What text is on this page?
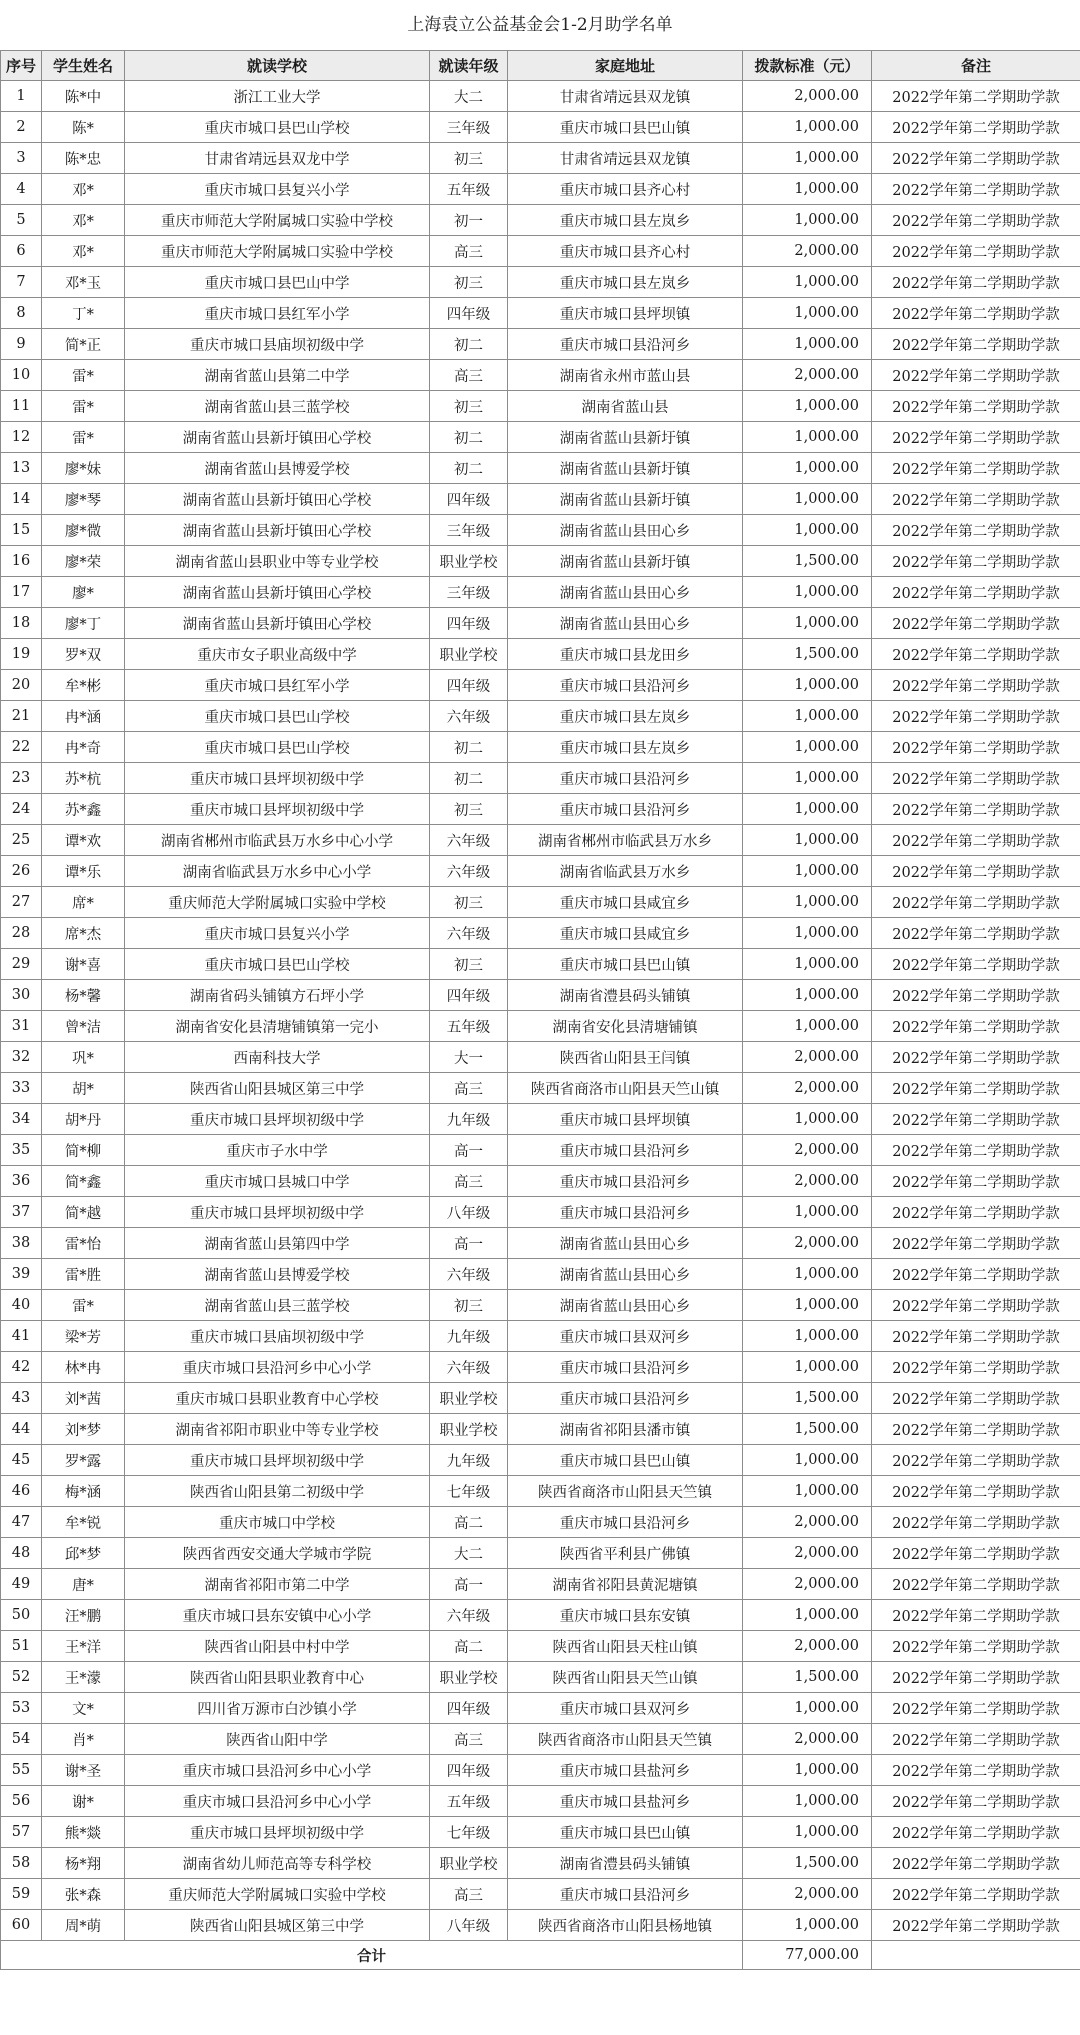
上海袁立公益基金会1-2月助学名单
序号	学生姓名	就读学校	就读年级	家庭地址	拨款标准（元）	备注
1	陈*中	浙江工业大学	大二	甘肃省靖远县双龙镇	2,000.00	2022学年第二学期助学款
2	陈*	重庆市城口县巴山学校	三年级	重庆市城口县巴山镇	1,000.00	2022学年第二学期助学款
3	陈*忠	甘肃省靖远县双龙中学	初三	甘肃省靖远县双龙镇	1,000.00	2022学年第二学期助学款
4	邓*	重庆市城口县复兴小学	五年级	重庆市城口县齐心村	1,000.00	2022学年第二学期助学款
5	邓*	重庆市师范大学附属城口实验中学校	初一	重庆市城口县左岚乡	1,000.00	2022学年第二学期助学款
6	邓*	重庆市师范大学附属城口实验中学校	高三	重庆市城口县齐心村	2,000.00	2022学年第二学期助学款
7	邓*玉	重庆市城口县巴山中学	初三	重庆市城口县左岚乡	1,000.00	2022学年第二学期助学款
8	丁*	重庆市城口县红军小学	四年级	重庆市城口县坪坝镇	1,000.00	2022学年第二学期助学款
9	简*正	重庆市城口县庙坝初级中学	初二	重庆市城口县沿河乡	1,000.00	2022学年第二学期助学款
10	雷*	湖南省蓝山县第二中学	高三	湖南省永州市蓝山县	2,000.00	2022学年第二学期助学款
11	雷*	湖南省蓝山县三蓝学校	初三	湖南省蓝山县	1,000.00	2022学年第二学期助学款
12	雷*	湖南省蓝山县新圩镇田心学校	初二	湖南省蓝山县新圩镇	1,000.00	2022学年第二学期助学款
13	廖*妹	湖南省蓝山县博爱学校	初二	湖南省蓝山县新圩镇	1,000.00	2022学年第二学期助学款
14	廖*琴	湖南省蓝山县新圩镇田心学校	四年级	湖南省蓝山县新圩镇	1,000.00	2022学年第二学期助学款
15	廖*微	湖南省蓝山县新圩镇田心学校	三年级	湖南省蓝山县田心乡	1,000.00	2022学年第二学期助学款
16	廖*荣	湖南省蓝山县职业中等专业学校	职业学校	湖南省蓝山县新圩镇	1,500.00	2022学年第二学期助学款
17	廖*	湖南省蓝山县新圩镇田心学校	三年级	湖南省蓝山县田心乡	1,000.00	2022学年第二学期助学款
18	廖*丁	湖南省蓝山县新圩镇田心学校	四年级	湖南省蓝山县田心乡	1,000.00	2022学年第二学期助学款
19	罗*双	重庆市女子职业高级中学	职业学校	重庆市城口县龙田乡	1,500.00	2022学年第二学期助学款
20	牟*彬	重庆市城口县红军小学	四年级	重庆市城口县沿河乡	1,000.00	2022学年第二学期助学款
21	冉*涵	重庆市城口县巴山学校	六年级	重庆市城口县左岚乡	1,000.00	2022学年第二学期助学款
22	冉*奇	重庆市城口县巴山学校	初二	重庆市城口县左岚乡	1,000.00	2022学年第二学期助学款
23	苏*杭	重庆市城口县坪坝初级中学	初二	重庆市城口县沿河乡	1,000.00	2022学年第二学期助学款
24	苏*鑫	重庆市城口县坪坝初级中学	初三	重庆市城口县沿河乡	1,000.00	2022学年第二学期助学款
25	谭*欢	湖南省郴州市临武县万水乡中心小学	六年级	湖南省郴州市临武县万水乡	1,000.00	2022学年第二学期助学款
26	谭*乐	湖南省临武县万水乡中心小学	六年级	湖南省临武县万水乡	1,000.00	2022学年第二学期助学款
27	席*	重庆师范大学附属城口实验中学校	初三	重庆市城口县咸宜乡	1,000.00	2022学年第二学期助学款
28	席*杰	重庆市城口县复兴小学	六年级	重庆市城口县咸宜乡	1,000.00	2022学年第二学期助学款
29	谢*喜	重庆市城口县巴山学校	初三	重庆市城口县巴山镇	1,000.00	2022学年第二学期助学款
30	杨*馨	湖南省码头铺镇方石坪小学	四年级	湖南省澧县码头铺镇	1,000.00	2022学年第二学期助学款
31	曾*洁	湖南省安化县清塘铺镇第一完小	五年级	湖南省安化县清塘铺镇	1,000.00	2022学年第二学期助学款
32	巩*	西南科技大学	大一	陕西省山阳县王闫镇	2,000.00	2022学年第二学期助学款
33	胡*	陕西省山阳县城区第三中学	高三	陕西省商洛市山阳县天竺山镇	2,000.00	2022学年第二学期助学款
34	胡*丹	重庆市城口县坪坝初级中学	九年级	重庆市城口县坪坝镇	1,000.00	2022学年第二学期助学款
35	简*柳	重庆市子水中学	高一	重庆市城口县沿河乡	2,000.00	2022学年第二学期助学款
36	简*鑫	重庆市城口县城口中学	高三	重庆市城口县沿河乡	2,000.00	2022学年第二学期助学款
37	简*越	重庆市城口县坪坝初级中学	八年级	重庆市城口县沿河乡	1,000.00	2022学年第二学期助学款
38	雷*怡	湖南省蓝山县第四中学	高一	湖南省蓝山县田心乡	2,000.00	2022学年第二学期助学款
39	雷*胜	湖南省蓝山县博爱学校	六年级	湖南省蓝山县田心乡	1,000.00	2022学年第二学期助学款
40	雷*	湖南省蓝山县三蓝学校	初三	湖南省蓝山县田心乡	1,000.00	2022学年第二学期助学款
41	梁*芳	重庆市城口县庙坝初级中学	九年级	重庆市城口县双河乡	1,000.00	2022学年第二学期助学款
42	林*冉	重庆市城口县沿河乡中心小学	六年级	重庆市城口县沿河乡	1,000.00	2022学年第二学期助学款
43	刘*茜	重庆市城口县职业教育中心学校	职业学校	重庆市城口县沿河乡	1,500.00	2022学年第二学期助学款
44	刘*梦	湖南省祁阳市职业中等专业学校	职业学校	湖南省祁阳县潘市镇	1,500.00	2022学年第二学期助学款
45	罗*露	重庆市城口县坪坝初级中学	九年级	重庆市城口县巴山镇	1,000.00	2022学年第二学期助学款
46	梅*涵	陕西省山阳县第二初级中学	七年级	陕西省商洛市山阳县天竺镇	1,000.00	2022学年第二学期助学款
47	牟*锐	重庆市城口中学校	高二	重庆市城口县沿河乡	2,000.00	2022学年第二学期助学款
48	邱*梦	陕西省西安交通大学城市学院	大二	陕西省平利县广佛镇	2,000.00	2022学年第二学期助学款
49	唐*	湖南省祁阳市第二中学	高一	湖南省祁阳县黄泥塘镇	2,000.00	2022学年第二学期助学款
50	汪*鹏	重庆市城口县东安镇中心小学	六年级	重庆市城口县东安镇	1,000.00	2022学年第二学期助学款
51	王*洋	陕西省山阳县中村中学	高二	陕西省山阳县天柱山镇	2,000.00	2022学年第二学期助学款
52	王*濛	陕西省山阳县职业教育中心	职业学校	陕西省山阳县天竺山镇	1,500.00	2022学年第二学期助学款
53	文*	四川省万源市白沙镇小学	四年级	重庆市城口县双河乡	1,000.00	2022学年第二学期助学款
54	肖*	陕西省山阳中学	高三	陕西省商洛市山阳县天竺镇	2,000.00	2022学年第二学期助学款
55	谢*圣	重庆市城口县沿河乡中心小学	四年级	重庆市城口县盐河乡	1,000.00	2022学年第二学期助学款
56	谢*	重庆市城口县沿河乡中心小学	五年级	重庆市城口县盐河乡	1,000.00	2022学年第二学期助学款
57	熊*燚	重庆市城口县坪坝初级中学	七年级	重庆市城口县巴山镇	1,000.00	2022学年第二学期助学款
58	杨*翔	湖南省幼儿师范高等专科学校	职业学校	湖南省澧县码头铺镇	1,500.00	2022学年第二学期助学款
59	张*森	重庆师范大学附属城口实验中学校	高三	重庆市城口县沿河乡	2,000.00	2022学年第二学期助学款
60	周*萌	陕西省山阳县城区第三中学	八年级	陕西省商洛市山阳县杨地镇	1,000.00	2022学年第二学期助学款
合计					77,000.00	
